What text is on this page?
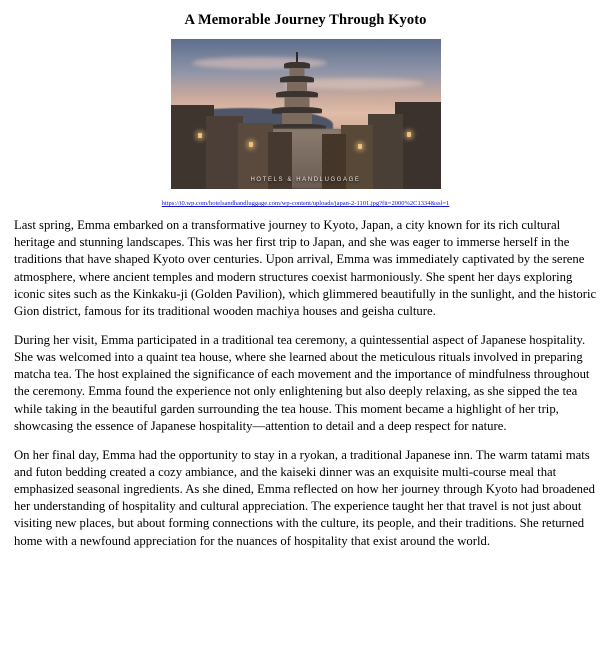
A Memorable Journey Through Kyoto
HOTELS & HANDLUGGAGE
https://i0.wp.com/hotelsandhandluggage.com/wp-content/uploads/japan-2-1101.jpg?fit=2000%2C1334&ssl=1

Last spring, Emma embarked on a transformative journey to Kyoto, Japan, a city known for its rich cultural heritage and stunning landscapes. This was her first trip to Japan, and she was eager to immerse herself in the traditions that have shaped Kyoto over centuries. Upon arrival, Emma was immediately captivated by the serene atmosphere, where ancient temples and modern structures coexist harmoniously. She spent her days exploring iconic sites such as the Kinkaku-ji (Golden Pavilion), which glimmered beautifully in the sunlight, and the historic Gion district, famous for its traditional wooden machiya houses and geisha culture.

During her visit, Emma participated in a traditional tea ceremony, a quintessential aspect of Japanese hospitality. She was welcomed into a quaint tea house, where she learned about the meticulous rituals involved in preparing matcha tea. The host explained the significance of each movement and the importance of mindfulness throughout the ceremony. Emma found the experience not only enlightening but also deeply relaxing, as she sipped the tea while taking in the beautiful garden surrounding the tea house. This moment became a highlight of her trip, showcasing the essence of Japanese hospitality—attention to detail and a deep respect for nature.

On her final day, Emma had the opportunity to stay in a ryokan, a traditional Japanese inn. The warm tatami mats and futon bedding created a cozy ambiance, and the kaiseki dinner was an exquisite multi-course meal that emphasized seasonal ingredients. As she dined, Emma reflected on how her journey through Kyoto had broadened her understanding of hospitality and cultural appreciation. The experience taught her that travel is not just about visiting new places, but about forming connections with the culture, its people, and their traditions. She returned home with a newfound appreciation for the nuances of hospitality that exist around the world.
